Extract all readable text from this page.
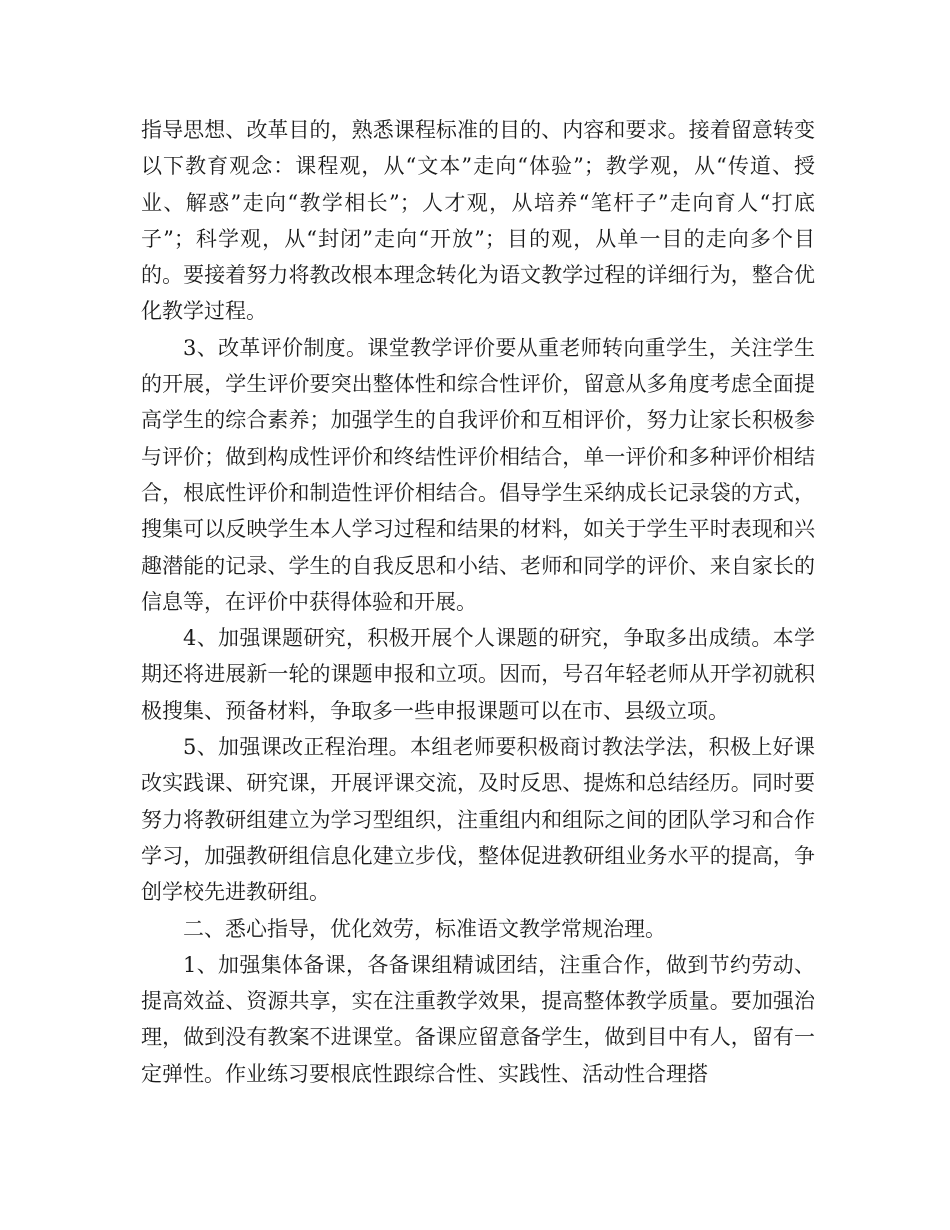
指导思想、改革目的，熟悉课程标准的目的、内容和要求。接着留意转变以下教育观念：课程观，从“文本”走向“体验”；教学观，从“传道、授业、解惑”走向“教学相长”；人才观，从培养“笔杆子”走向育人“打底子”；科学观，从“封闭”走向“开放”；目的观，从单一目的走向多个目的。要接着努力将教改根本理念转化为语文教学过程的详细行为，整合优化教学过程。

3、改革评价制度。课堂教学评价要从重老师转向重学生，关注学生的开展，学生评价要突出整体性和综合性评价，留意从多角度考虑全面提高学生的综合素养；加强学生的自我评价和互相评价，努力让家长积极参与评价；做到构成性评价和终结性评价相结合，单一评价和多种评价相结合，根底性评价和制造性评价相结合。倡导学生采纳成长记录袋的方式，搜集可以反映学生本人学习过程和结果的材料，如关于学生平时表现和兴趣潜能的记录、学生的自我反思和小结、老师和同学的评价、来自家长的信息等，在评价中获得体验和开展。

4、加强课题研究，积极开展个人课题的研究，争取多出成绩。本学期还将进展新一轮的课题申报和立项。因而，号召年轻老师从开学初就积极搜集、预备材料，争取多一些申报课题可以在市、县级立项。

5、加强课改正程治理。本组老师要积极商讨教法学法，积极上好课改实践课、研究课，开展评课交流，及时反思、提炼和总结经历。同时要努力将教研组建立为学习型组织，注重组内和组际之间的团队学习和合作学习，加强教研组信息化建立步伐，整体促进教研组业务水平的提高，争创学校先进教研组。

二、悉心指导，优化效劳，标准语文教学常规治理。

1、加强集体备课，各备课组精诚团结，注重合作，做到节约劳动、提高效益、资源共享，实在注重教学效果，提高整体教学质量。要加强治理，做到没有教案不进课堂。备课应留意备学生，做到目中有人，留有一定弹性。作业练习要根底性跟综合性、实践性、活动性合理搭
